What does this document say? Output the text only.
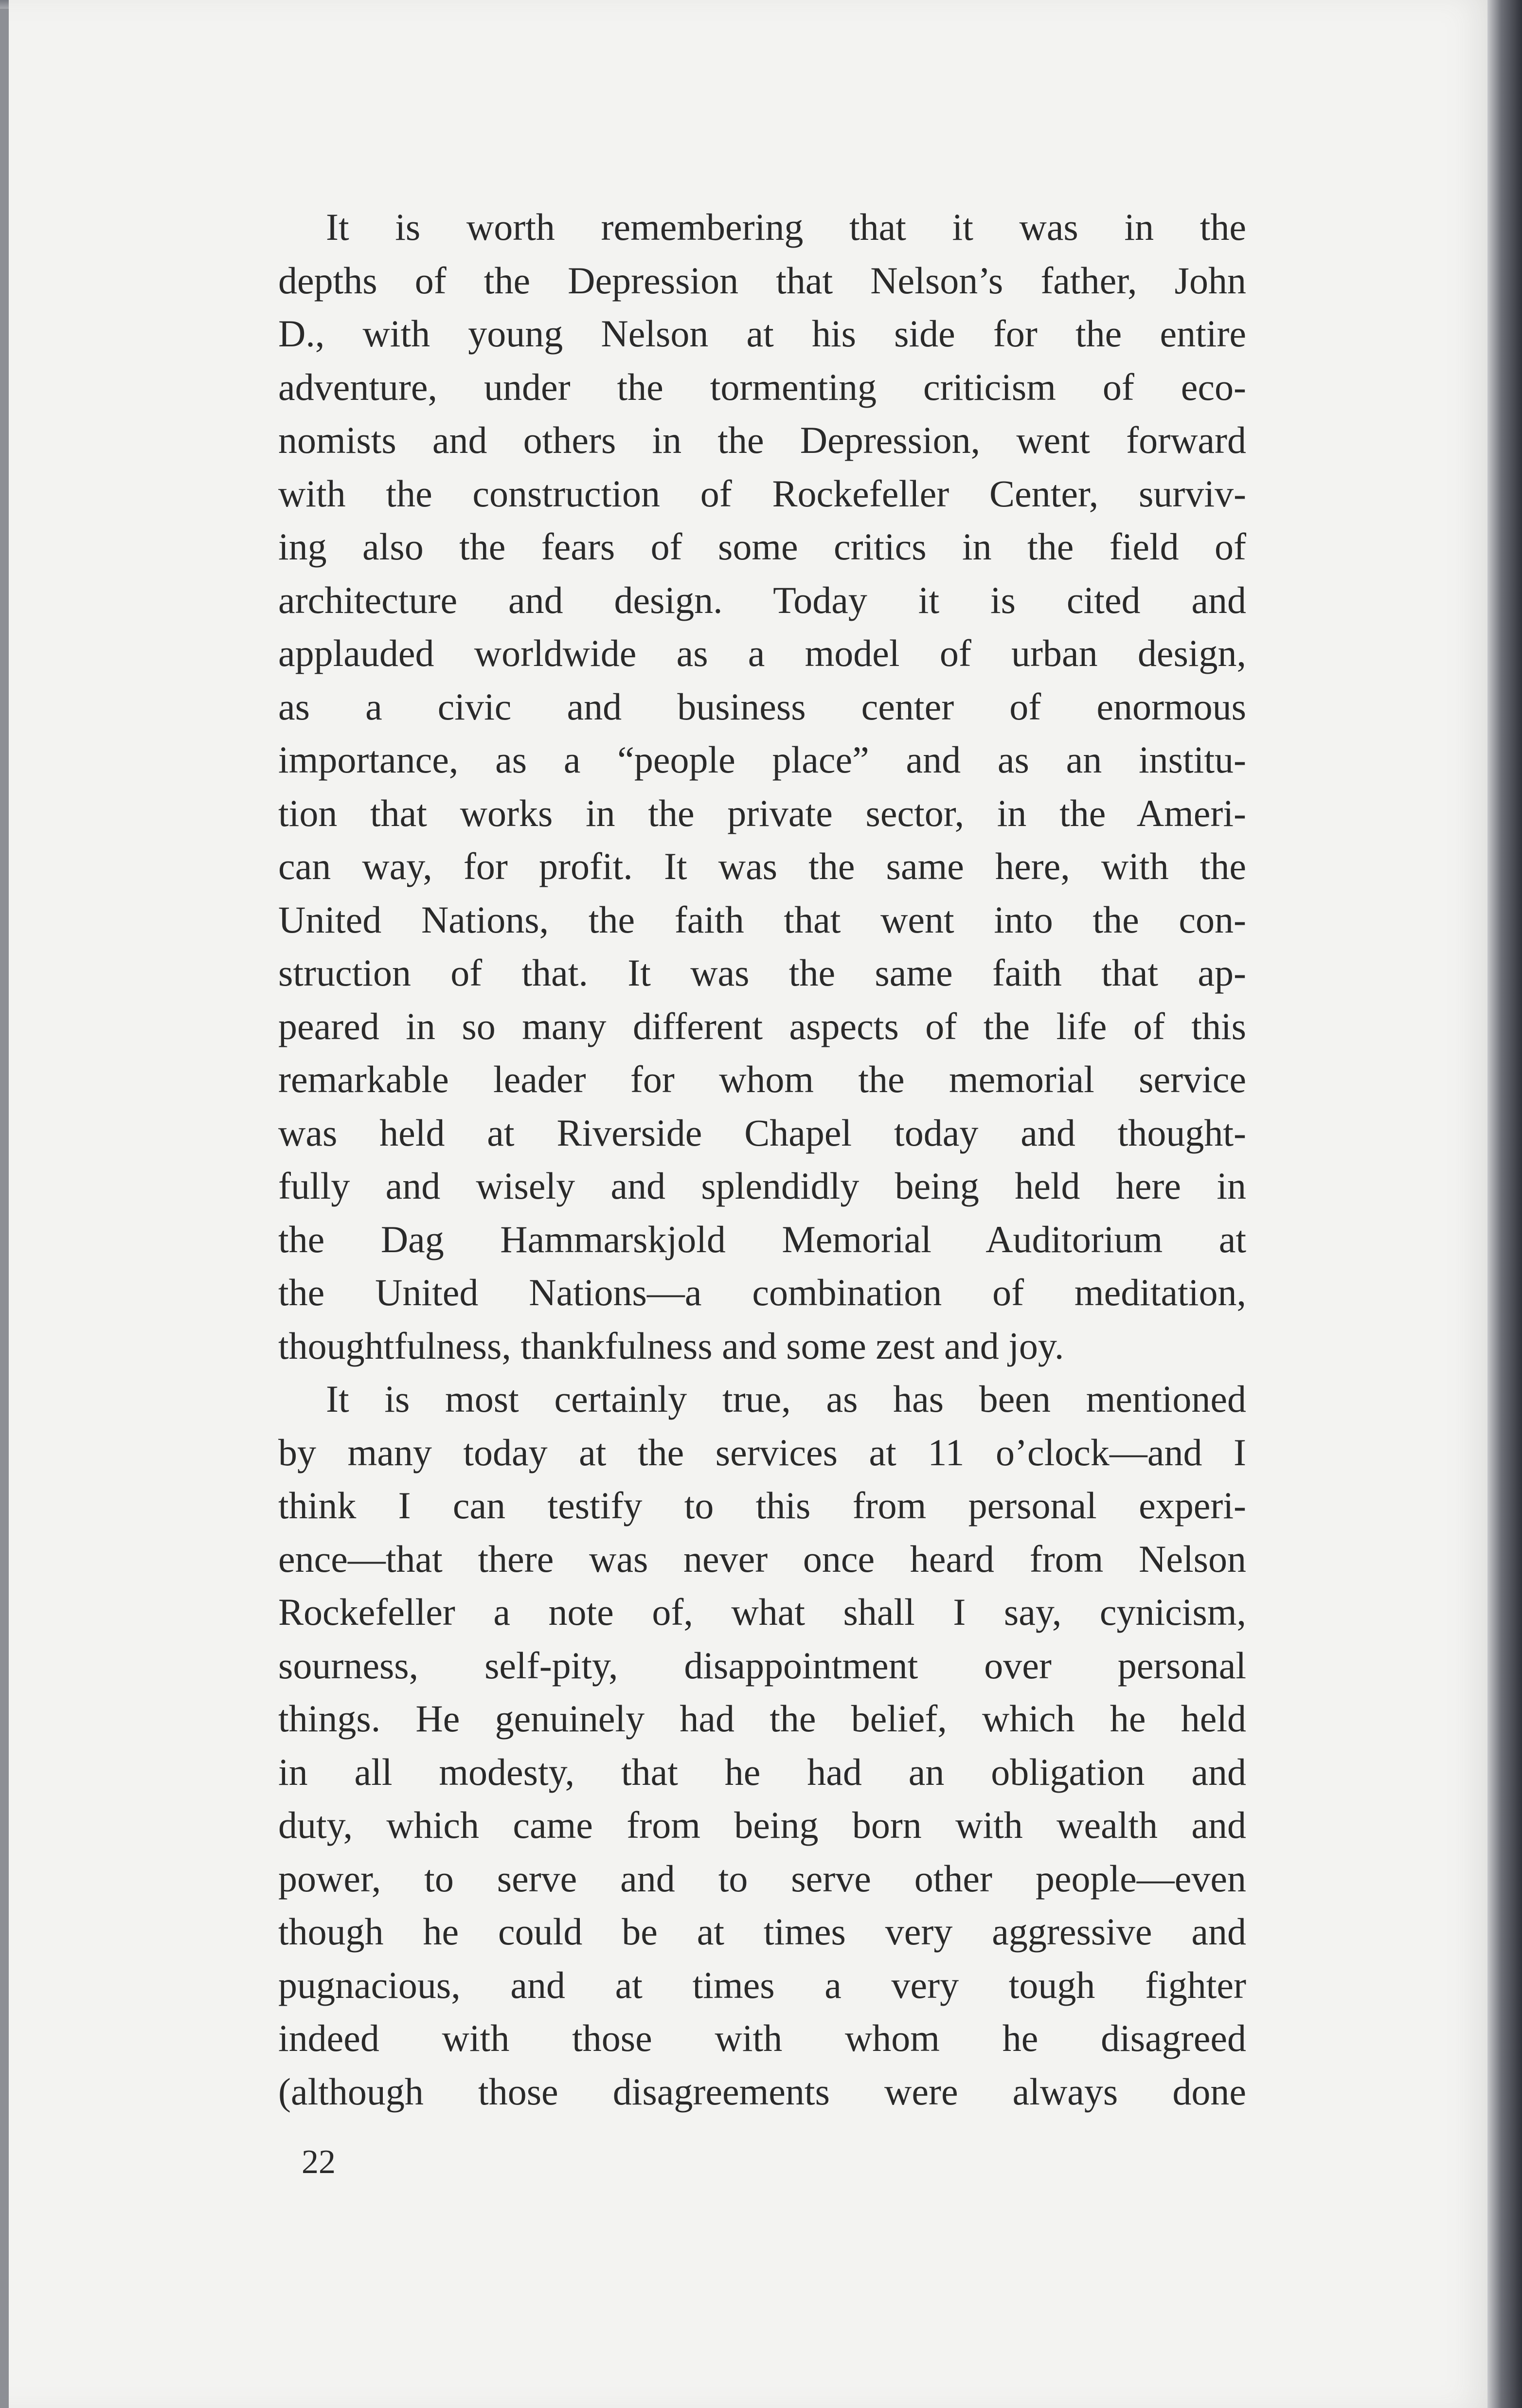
It is worth remembering that it was in the
depths of the Depression that Nelson’s father, John
D., with young Nelson at his side for the entire
adventure, under the tormenting criticism of eco-
nomists and others in the Depression, went forward
with the construction of Rockefeller Center, surviv-
ing also the fears of some critics in the field of
architecture and design. Today it is cited and
applauded worldwide as a model of urban design,
as a civic and business center of enormous
importance, as a “people place” and as an institu-
tion that works in the private sector, in the Ameri-
can way, for profit. It was the same here, with the
United Nations, the faith that went into the con-
struction of that. It was the same faith that ap-
peared in so many different aspects of the life of this
remarkable leader for whom the memorial service
was held at Riverside Chapel today and thought-
fully and wisely and splendidly being held here in
the Dag Hammarskjold Memorial Auditorium at
the United Nations—a combination of meditation,
thoughtfulness, thankfulness and some zest and joy.
It is most certainly true, as has been mentioned
by many today at the services at 11 o’clock—and I
think I can testify to this from personal experi-
ence—that there was never once heard from Nelson
Rockefeller a note of, what shall I say, cynicism,
sourness, self-pity, disappointment over personal
things. He genuinely had the belief, which he held
in all modesty, that he had an obligation and
duty, which came from being born with wealth and
power, to serve and to serve other people—even
though he could be at times very aggressive and
pugnacious, and at times a very tough fighter
indeed with those with whom he disagreed
(although those disagreements were always done
22
